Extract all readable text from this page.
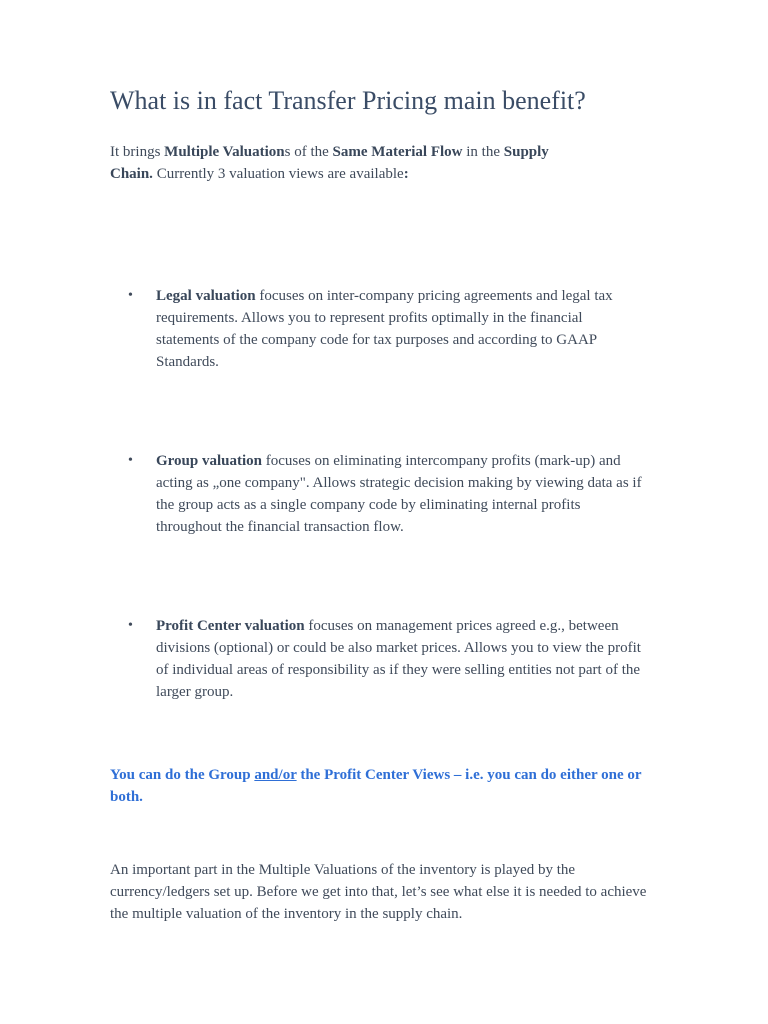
What is in fact Transfer Pricing main benefit?

It brings Multiple Valuations of the Same Material Flow in the Supply Chain. Currently 3 valuation views are available:

•	Legal valuation focuses on inter-company pricing agreements and legal tax requirements. Allows you to represent profits optimally in the financial statements of the company code for tax purposes and according to GAAP Standards.
•	Group valuation focuses on eliminating intercompany profits (mark-up) and acting as „one company". Allows strategic decision making by viewing data as if the group acts as a single company code by eliminating internal profits throughout the financial transaction flow.
•	Profit Center valuation focuses on management prices agreed e.g., between divisions (optional) or could be also market prices. Allows you to view the profit of individual areas of responsibility as if they were selling entities not part of the larger group.

You can do the Group and/or the Profit Center Views – i.e. you can do either one or both.

An important part in the Multiple Valuations of the inventory is played by the currency/ledgers set up. Before we get into that, let’s see what else it is needed to achieve the multiple valuation of the inventory in the supply chain.
